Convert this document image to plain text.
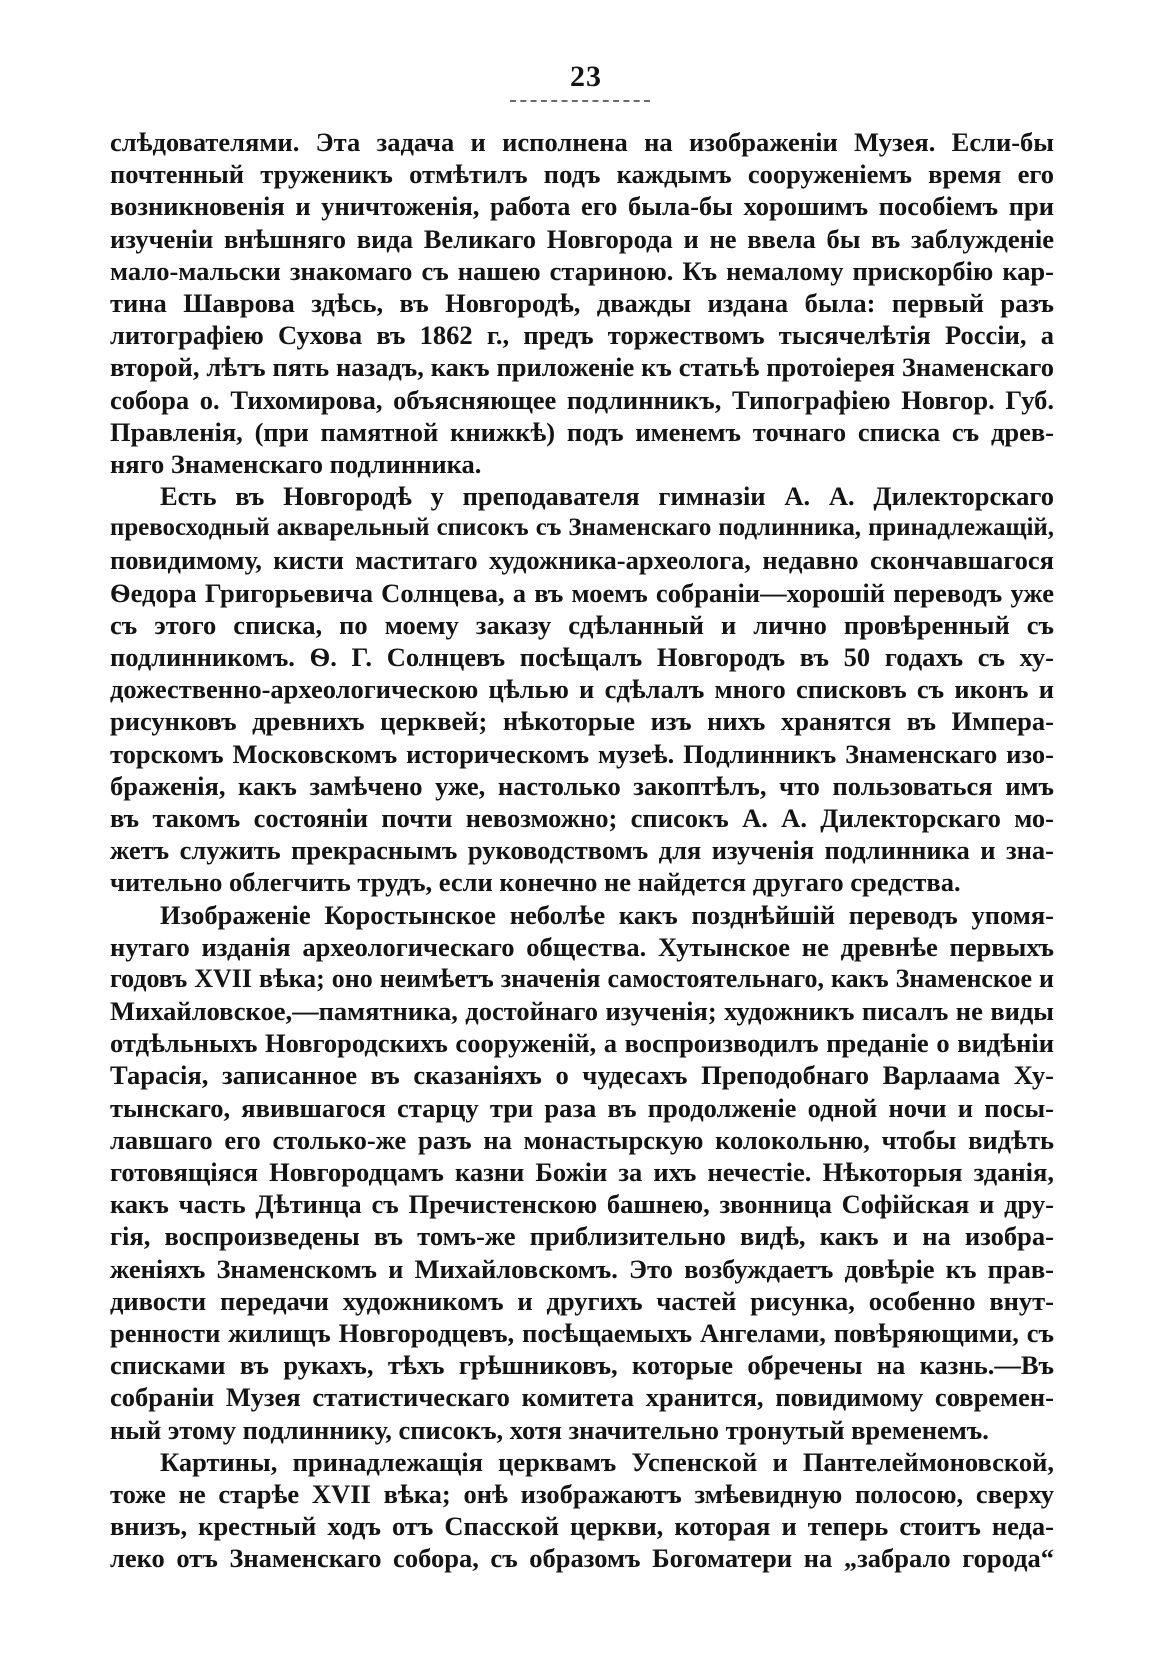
23

слѣдователями. Эта задача и исполнена на изображеніи Музея. Если-бы
почтенный труженикъ отмѣтилъ подъ каждымъ сооруженіемъ время его
возникновенія и уничтоженія, работа его была-бы хорошимъ пособіемъ при
изученіи внѣшняго вида Великаго Новгорода и не ввела бы въ заблужденіе
мало-мальски знакомаго съ нашею стариною. Къ немалому прискорбію кар-
тина Шаврова здѣсь, въ Новгородѣ, дважды издана была: первый разъ
литографіею Сухова въ 1862 г., предъ торжествомъ тысячелѣтія Россіи, а
второй, лѣтъ пять назадъ, какъ приложеніе къ статьѣ протоіерея Знаменскаго
собора о. Тихомирова, объясняющее подлинникъ, Типографіею Новгор. Губ.
Правленія, (при памятной книжкѣ) подъ именемъ точнаго списка съ древ-
няго Знаменскаго подлинника.

Есть въ Новгородѣ у преподавателя гимназіи А. А. Дилекторскаго
превосходный акварельный списокъ съ Знаменскаго подлинника, принадлежащій,
повидимому, кисти маститаго художника-археолога, недавно скончавшагося
Ѳедора Григорьевича Солнцева, а въ моемъ собраніи—хорошій переводъ уже
съ этого списка, по моему заказу сдѣланный и лично провѣренный съ
подлинникомъ. Ѳ. Г. Солнцевъ посѣщалъ Новгородъ въ 50 годахъ съ ху-
дожественно-археологическою цѣлью и сдѣлалъ много списковъ съ иконъ и
рисунковъ древнихъ церквей; нѣкоторые изъ нихъ хранятся въ Импера-
торскомъ Московскомъ историческомъ музеѣ. Подлинникъ Знаменскаго изо-
браженія, какъ замѣчено уже, настолько закоптѣлъ, что пользоваться имъ
въ такомъ состояніи почти невозможно; списокъ А. А. Дилекторскаго мо-
жетъ служить прекраснымъ руководствомъ для изученія подлинника и зна-
чительно облегчить трудъ, если конечно не найдется другаго средства.

Изображеніе Коростынское неболѣе какъ позднѣйшій переводъ упомя-
нутаго изданія археологическаго общества. Хутынское не древнѣе первыхъ
годовъ XVII вѣка; оно неимѣетъ значенія самостоятельнаго, какъ Знаменское и
Михайловское,—памятника, достойнаго изученія; художникъ писалъ не виды
отдѣльныхъ Новгородскихъ сооруженій, а воспроизводилъ преданіе о видѣніи
Тарасія, записанное въ сказаніяхъ о чудесахъ Преподобнаго Варлаама Ху-
тынскаго, явившагося старцу три раза въ продолженіе одной ночи и посы-
лавшаго его столько-же разъ на монастырскую колокольню, чтобы видѣть
готовящіяся Новгородцамъ казни Божіи за ихъ нечестіе. Нѣкоторыя зданія,
какъ часть Дѣтинца съ Пречистенскою башнею, звонница Софійская и дру-
гія, воспроизведены въ томъ-же приблизительно видѣ, какъ и на изобра-
женіяхъ Знаменскомъ и Михайловскомъ. Это возбуждаетъ довѣріе къ прав-
дивости передачи художникомъ и другихъ частей рисунка, особенно внут-
ренности жилищъ Новгородцевъ, посѣщаемыхъ Ангелами, повѣряющими, съ
списками въ рукахъ, тѣхъ грѣшниковъ, которые обречены на казнь.—Въ
собраніи Музея статистическаго комитета хранится, повидимому современ-
ный этому подлиннику, списокъ, хотя значительно тронутый временемъ.

Картины, принадлежащія церквамъ Успенской и Пантелеймоновской,
тоже не старѣе XVII вѣка; онѣ изображаютъ змѣевидную полосою, сверху
внизъ, крестный ходъ отъ Спасской церкви, которая и теперь стоитъ неда-
леко отъ Знаменскаго собора, съ образомъ Богоматери на „забрало города“
